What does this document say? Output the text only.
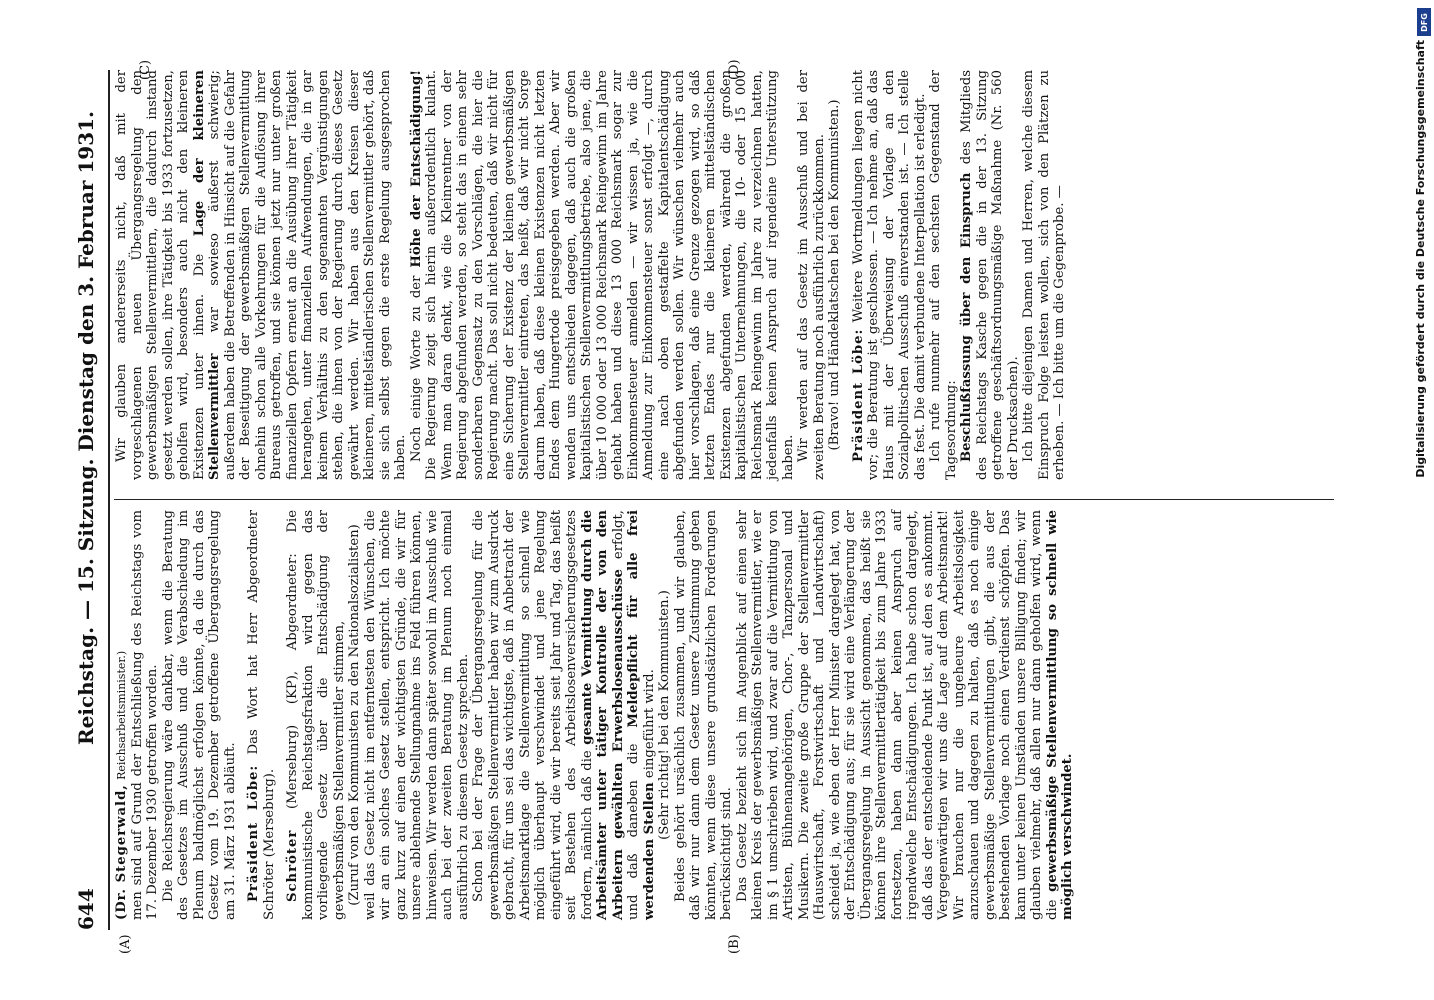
644
Reichstag. — 15. Sitzung. Dienstag den 3. Februar 1931.
(A)	(B)
(C)	(D)

(Dr. Stegerwald, Reichsarbeitsminister.) men sind auf Grund der Entschließung des Reichstags vom 17. Dezember 1930 getroffen worden. Die Reichsregierung wäre dankbar, wenn die Beratung des Gesetzes im Ausschuß und die Verabschiedung im Plenum baldmöglichst erfolgen könnte, da die durch das Gesetz vom 19. Dezember getroffene Übergangsregelung am 31. März 1931 abläuft. Präsident Löbe: Das Wort hat Herr Abgeordneter Schröter (Merseburg). Schröter (Merseburg) (KP), Abgeordneter: Die kommunistische Reichstagsfraktion wird gegen das vorliegende Gesetz über die Entschädigung der gewerbsmäßigen Stellenvermittler stimmen, (Zuruf von den Kommunisten zu den Nationalsozialisten) weil das Gesetz nicht im entferntesten den Wünschen, die wir an ein solches Gesetz stellen, entspricht. Ich möchte ganz kurz auf einen der wichtigsten Gründe, die wir für unsere ablehnende Stellungnahme ins Feld führen können, hinweisen. Wir werden dann später sowohl im Ausschuß wie auch bei der zweiten Beratung im Plenum noch einmal ausführlich zu diesem Gesetz sprechen. Schon bei der Frage der Übergangsregelung für die gewerbsmäßigen Stellenvermittler haben wir zum Ausdruck gebracht, für uns sei das wichtigste, daß in Anbetracht der Arbeitsmarktlage die Stellenvermittlung so schnell wie möglich überhaupt verschwindet und jene Regelung eingeführt wird, die wir bereits seit Jahr und Tag, das heißt seit Bestehen des Arbeitslosenversicherungsgesetzes fordern, nämlich daß die gesamte Vermittlung durch die Arbeitsämter unter tätiger Kontrolle der von den Arbeitern gewählten Erwerbslosenausschüsse erfolgt, und daß daneben die Meldepflicht für alle frei werdenden Stellen eingeführt wird. (Sehr richtig! bei den Kommunisten.) Beides gehört ursächlich zusammen, und wir glauben, daß wir nur dann dem Gesetz unsere Zustimmung geben könnten, wenn diese unsere grundsätzlichen Forderungen berücksichtigt sind. Das Gesetz bezieht sich im Augenblick auf einen sehr kleinen Kreis der gewerbsmäßigen Stellenvermittler, wie er im § 1 umschrieben wird, und zwar auf die Vermittlung von Artisten, Bühnenangehörigen, Chor-, Tanzpersonal und Musikern. Die zweite große Gruppe der Stellenvermittler (Hauswirtschaft, Forstwirtschaft und Landwirtschaft) scheidet ja, wie eben der Herr Minister dargelegt hat, von der Entschädigung aus; für sie wird eine Verlängerung der Übergangsregelung in Aussicht genommen, das heißt sie können ihre Stellenvermittlertätigkeit bis zum Jahre 1933 fortsetzen, haben dann aber keinen Anspruch auf irgendwelche Entschädigungen. Ich habe schon dargelegt, daß das der entscheidende Punkt ist, auf den es ankommt. Vergegenwärtigen wir uns die Lage auf dem Arbeitsmarkt! Wir brauchen nur die ungeheure Arbeitslosigkeit anzuschauen und dagegen zu halten, daß es noch einige gewerbsmäßige Stellenvermittlungen gibt, die aus der bestehenden Vorlage noch einen Verdienst schöpfen. Das kann unter keinen Umständen unsere Billigung finden; wir glauben vielmehr, daß allen nur dann geholfen wird, wenn die gewerbsmäßige Stellenvermittlung so schnell wie möglich verschwindet.

Wir glauben andererseits nicht, daß mit der vorgeschlagenen neuen Übergangsregelung den gewerbsmäßigen Stellenvermittlern, die dadurch instand gesetzt werden sollen, ihre Tätigkeit bis 1933 fortzusetzen, geholfen wird, besonders auch nicht den kleineren Existenzen unter ihnen. Die Lage der kleineren Stellenvermittler war sowieso äußerst schwierig; außerdem haben die Betreffenden in Hinsicht auf die Gefahr der Beseitigung der gewerbsmäßigen Stellenvermittlung ohnehin schon alle Vorkehrungen für die Auflösung ihrer Bureaus getroffen, und sie können jetzt nur unter großen finanziellen Opfern erneut an die Ausübung ihrer Tätigkeit herangehen, unter finanziellen Aufwendungen, die in gar keinem Verhältnis zu den sogenannten Vergünstigungen stehen, die ihnen von der Regierung durch dieses Gesetz gewährt werden. Wir haben aus den Kreisen dieser kleineren, mittelständlerischen Stellenvermittler gehört, daß sie sich selbst gegen die erste Regelung ausgesprochen haben. Noch einige Worte zu der Höhe der Entschädigung! Die Regierung zeigt sich hierin außerordentlich kulant. Wenn man daran denkt, wie die Kleinrentner von der Regierung abgefunden werden, so steht das in einem sehr sonderbaren Gegensatz zu den Vorschlägen, die hier die Regierung macht. Das soll nicht bedeuten, daß wir nicht für eine Sicherung der Existenz der kleinen gewerbsmäßigen Stellenvermittler eintreten, das heißt, daß wir nicht Sorge darum haben, daß diese kleinen Existenzen nicht letzten Endes dem Hungertode preisgegeben werden. Aber wir wenden uns entschieden dagegen, daß auch die großen kapitalistischen Stellenvermittlungsbetriebe, also jene, die über 10 000 oder 13 000 Reichsmark Reingewinn im Jahre gehabt haben und diese 13 000 Reichsmark sogar zur Einkommensteuer anmelden — wir wissen ja, wie die Anmeldung zur Einkommensteuer sonst erfolgt —, durch eine nach oben gestaffelte Kapitalentschädigung abgefunden werden sollen. Wir wünschen vielmehr auch hier vorschlagen, daß eine Grenze gezogen wird, so daß letzten Endes nur die kleineren mittelständischen Existenzen abgefunden werden, während die großen kapitalistischen Unternehmungen, die 10- oder 15 000 Reichsmark Reingewinn im Jahre zu verzeichnen hatten, jedenfalls keinen Anspruch auf irgendeine Unterstützung haben. Wir werden auf das Gesetz im Ausschuß und bei der zweiten Beratung noch ausführlich zurückkommen. (Bravo! und Händeklatschen bei den Kommunisten.) Präsident Löbe: Weitere Wortmeldungen liegen nicht vor; die Beratung ist geschlossen. — Ich nehme an, daß das Haus mit der Überweisung der Vorlage an den Sozialpolitischen Ausschuß einverstanden ist. — Ich stelle das fest. Die damit verbundene Interpellation ist erledigt. Ich rufe nunmehr auf den sechsten Gegenstand der Tagesordnung: Beschlußfassung über den Einspruch des Mitglieds des Reichstags Kasche gegen die in der 13. Sitzung getroffene geschäftsordnungsmäßige Maßnahme (Nr. 560 der Drucksachen). Ich bitte diejenigen Damen und Herren, welche diesem Einspruch Folge leisten wollen, sich von den Plätzen zu erheben. — Ich bitte um die Gegenprobe. —	Digitalisierung gefördert durch die Deutsche Forschungsgemeinschaft
DFG
